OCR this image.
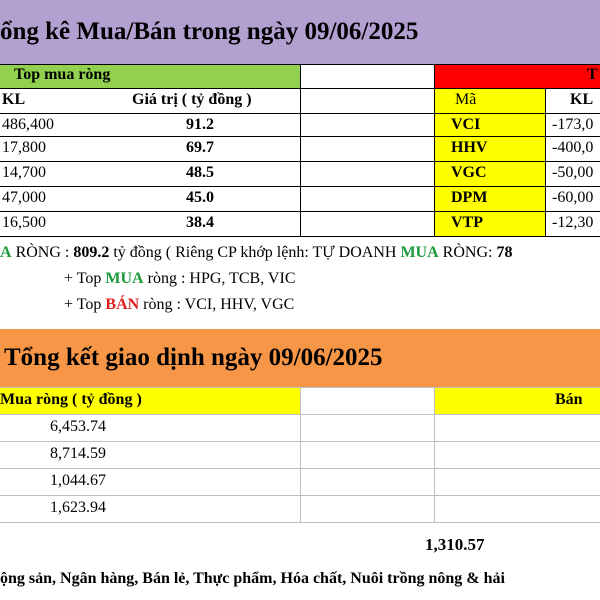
ổng kê Mua/Bán trong ngày 09/06/2025
Top mua ròng	T
KL	Giá trị ( tỷ đồng )	Mã	KL
486,400	91.2	VCI	-173,0
17,800	69.7	HHV	-400,0
14,700	48.5	VGC	-50,00
47,000	45.0	DPM	-60,00
16,500	38.4	VTP	-12,30
A RÒNG : 809.2 tỷ đồng ( Riêng CP khớp lệnh: TỰ DOANH MUA RÒNG: 78
+ Top MUA ròng : HPG, TCB, VIC
+ Top BÁN ròng : VCI, HHV, VGC
Tổng kết giao dịnh ngày 09/06/2025
Mua ròng ( tỷ đồng )	Bán
6,453.74
8,714.59
1,044.67
1,623.94
1,310.57
ộng sản, Ngân hàng, Bán lẻ, Thực phẩm, Hóa chất, Nuôi trồng nông & hải
